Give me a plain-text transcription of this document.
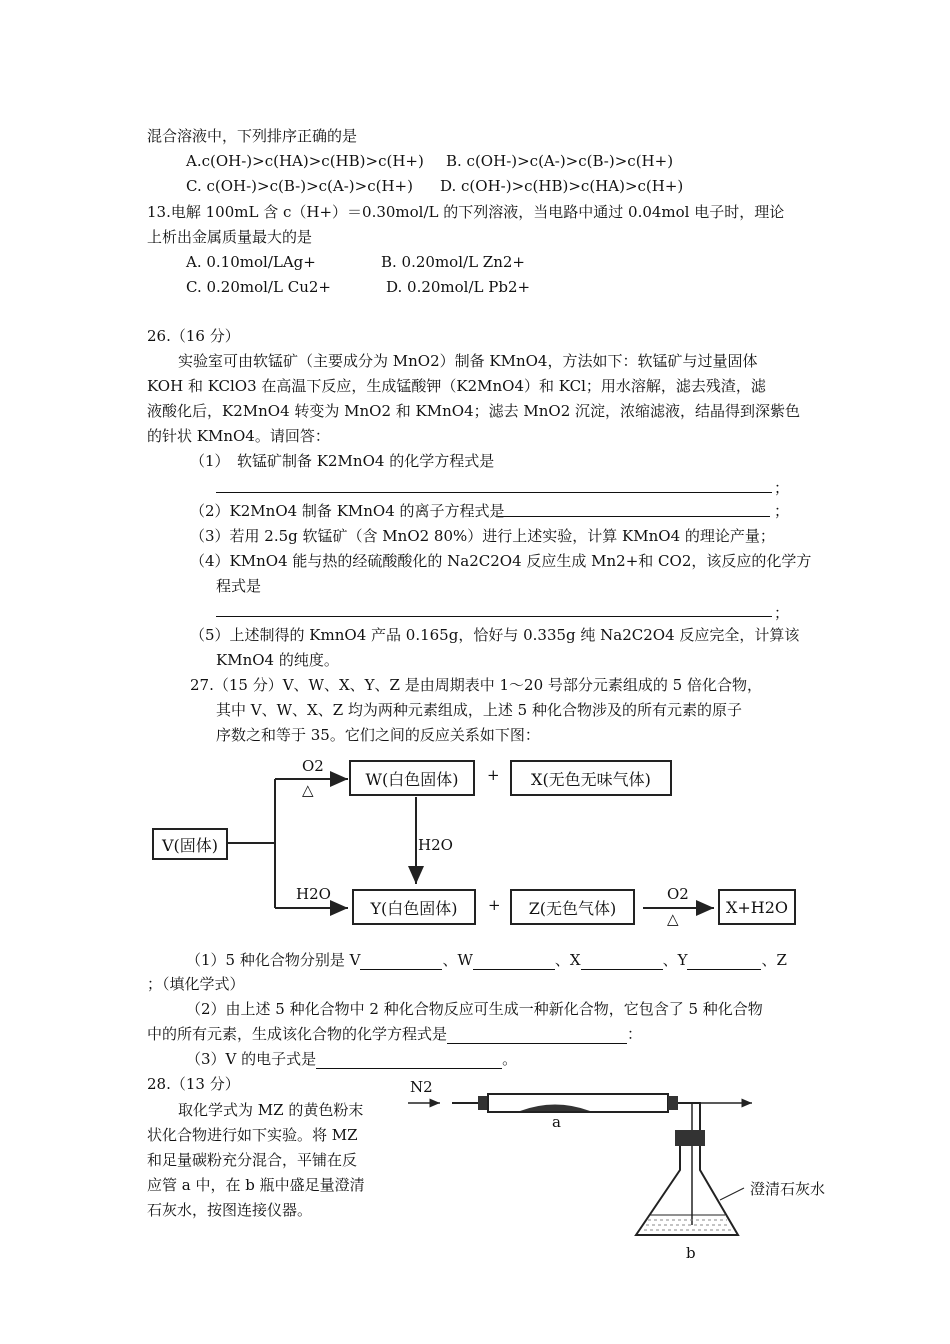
混合溶液中，下列排序正确的是
A.c(OH-)>c(HA)>c(HB)>c(H+) B. c(OH-)>c(A-)>c(B-)>c(H+)
C. c(OH-)>c(B-)>c(A-)>c(H+) D. c(OH-)>c(HB)>c(HA)>c(H+)
13.电解 100mL 含 c（H+）＝0.30mol/L 的下列溶液，当电路中通过 0.04mol 电子时，理论
上析出金属质量最大的是
A. 0.10mol/LAg+	B. 0.20mol/L Zn2+
C. 0.20mol/L Cu2+	D. 0.20mol/L Pb2+
26.（16 分）
实验室可由软锰矿（主要成分为 MnO2）制备 KMnO4，方法如下：软锰矿与过量固体
KOH 和 KClO3 在高温下反应，生成锰酸钾（K2MnO4）和 KCl；用水溶解，滤去残渣，滤
液酸化后，K2MnO4 转变为 MnO2 和 KMnO4；滤去 MnO2 沉淀，浓缩滤液，结晶得到深紫色
的针状 KMnO4。请回答：
（1）　软锰矿制备 K2MnO4 的化学方程式是
；
（2）K2MnO4 制备 KMnO4 的离子方程式是	；
（3）若用 2.5g 软锰矿（含 MnO2 80%）进行上述实验，计算 KMnO4 的理论产量；
（4）KMnO4 能与热的经硫酸酸化的 Na2C2O4 反应生成 Mn2+和 CO2，该反应的化学方
程式是
；
（5）上述制得的 KmnO4 产品 0.165g，恰好与 0.335g 纯 Na2C2O4 反应完全，计算该
KMnO4 的纯度。
27.（15 分）V、W、X、Y、Z 是由周期表中 1～20 号部分元素组成的 5 倍化合物，
其中 V、W、X、Z 均为两种元素组成，上述 5 种化合物涉及的所有元素的原子
序数之和等于 35。它们之间的反应关系如下图：
V(固体)
W(白色固体)	X(无色无味气体)
Y(白色固体)	Z(无色气体)	X+H2O
+
+
O2
△
H2O
H2O
O2
△
（1）5 种化合物分别是 V	、W	、X	、Y	、Z
；（填化学式）
（2）由上述 5 种化合物中 2 种化合物反应可生成一种新化合物，它包含了 5 种化合物
中的所有元素，生成该化合物的化学方程式是	：
（3）V 的电子式是	。
28.（13 分）
取化学式为 MZ 的黄色粉末
状化合物进行如下实验。将 MZ
和足量碳粉充分混合，平铺在反
应管 a 中，在 b 瓶中盛足量澄清
石灰水，按图连接仪器。
N2
a
b
澄清石灰水
